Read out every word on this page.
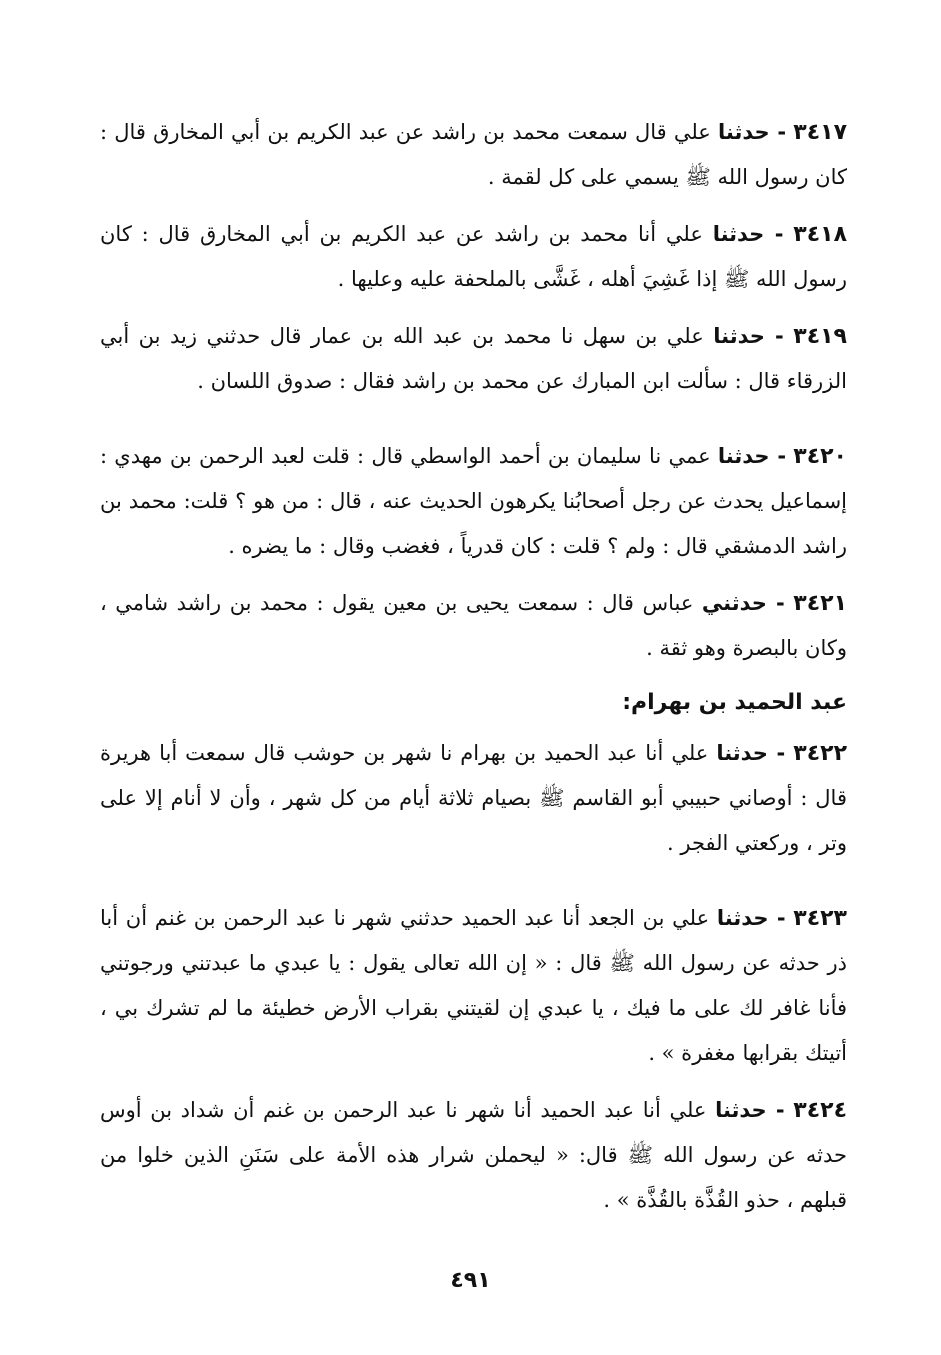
٣٤١٧ - حدثنا علي قال سمعت محمد بن راشد عن عبد الكريم بن أبي المخارق قال : كان رسول الله ﷺ يسمي على كل لقمة .

٣٤١٨ - حدثنا علي أنا محمد بن راشد عن عبد الكريم بن أبي المخارق قال : كان رسول الله ﷺ إذا غَشِيَ أهله ، غَشَّى بالملحفة عليه وعليها .

٣٤١٩ - حدثنا علي بن سهل نا محمد بن عبد الله بن عمار قال حدثني زيد بن أبي الزرقاء قال : سألت ابن المبارك عن محمد بن راشد فقال : صدوق اللسان .

٣٤٢٠ - حدثنا عمي نا سليمان بن أحمد الواسطي قال : قلت لعبد الرحمن بن مهدي : إسماعيل يحدث عن رجل أصحابُنا يكرهون الحديث عنه ، قال : من هو ؟ قلت: محمد بن راشد الدمشقي قال : ولم ؟ قلت : كان قدرياً ، فغضب وقال : ما يضره .

٣٤٢١ - حدثني عباس قال : سمعت يحيى بن معين يقول : محمد بن راشد شامي ، وكان بالبصرة وهو ثقة .

عبد الحميد بن بهرام:

٣٤٢٢ - حدثنا علي أنا عبد الحميد بن بهرام نا شهر بن حوشب قال سمعت أبا هريرة قال : أوصاني حبيبي أبو القاسم ﷺ بصيام ثلاثة أيام من كل شهر ، وأن لا أنام إلا على وتر ، وركعتي الفجر .

٣٤٢٣ - حدثنا علي بن الجعد أنا عبد الحميد حدثني شهر نا عبد الرحمن بن غنم أن أبا ذر حدثه عن رسول الله ﷺ قال : « إن الله تعالى يقول : يا عبدي ما عبدتني ورجوتني فأنا غافر لك على ما فيك ، يا عبدي إن لقيتني بقراب الأرض خطيئة ما لم تشرك بي ، أتيتك بقرابها مغفرة » .

٣٤٢٤ - حدثنا علي أنا عبد الحميد أنا شهر نا عبد الرحمن بن غنم أن شداد بن أوس حدثه عن رسول الله ﷺ قال: « ليحملن شرار هذه الأمة على سَنَنِ الذين خلوا من قبلهم ، حذو القُذَّة بالقُذَّة » .

٤٩١
